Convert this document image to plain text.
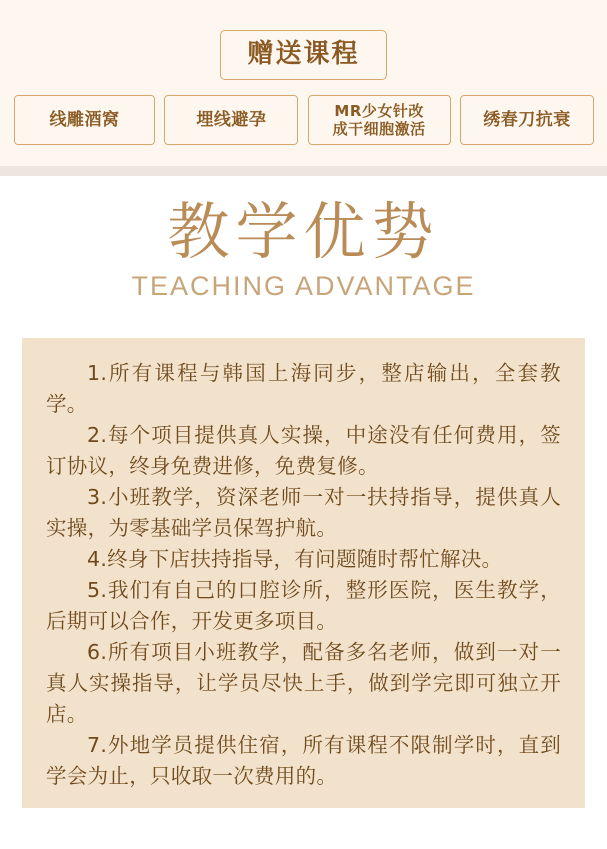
赠送课程
线雕酒窝	埋线避孕	MR少女针改
成干细胞激活	绣春刀抗衰
教学优势
TEACHING ADVANTAGE

1.所有课程与韩国上海同步，整店输出，全套教学。

2.每个项目提供真人实操，中途没有任何费用，签订协议，终身免费进修，免费复修。

3.小班教学，资深老师一对一扶持指导，提供真人实操，为零基础学员保驾护航。

4.终身下店扶持指导，有问题随时帮忙解决。

5.我们有自己的口腔诊所，整形医院，医生教学，后期可以合作，开发更多项目。

6.所有项目小班教学，配备多名老师，做到一对一真人实操指导，让学员尽快上手，做到学完即可独立开店。

7.外地学员提供住宿，所有课程不限制学时，直到学会为止，只收取一次费用的。
